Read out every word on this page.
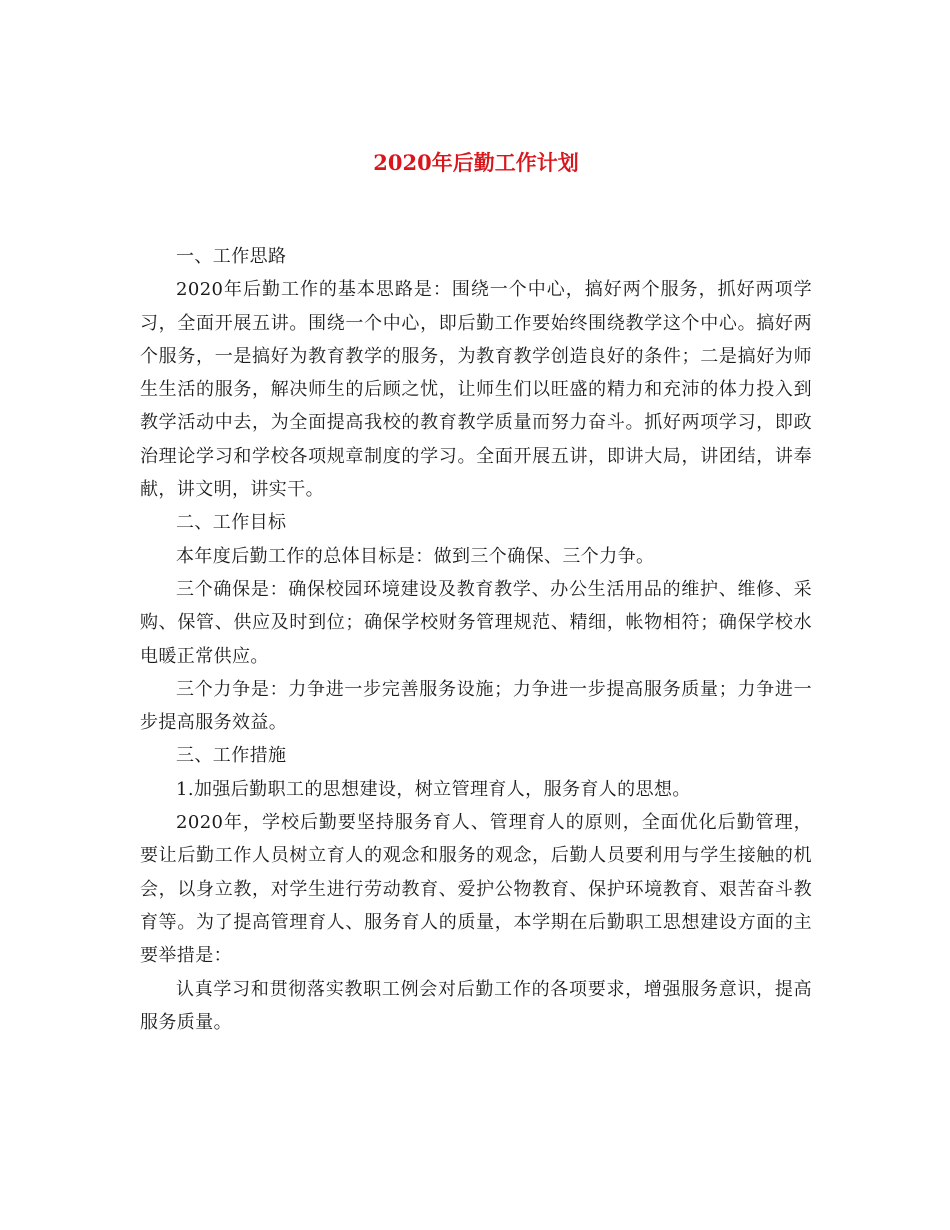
2020年后勤工作计划

一、工作思路

2020年后勤工作的基本思路是：围绕一个中心，搞好两个服务，抓好两项学习，全面开展五讲。围绕一个中心，即后勤工作要始终围绕教学这个中心。搞好两个服务，一是搞好为教育教学的服务，为教育教学创造良好的条件；二是搞好为师生生活的服务，解决师生的后顾之忧，让师生们以旺盛的精力和充沛的体力投入到教学活动中去，为全面提高我校的教育教学质量而努力奋斗。抓好两项学习，即政治理论学习和学校各项规章制度的学习。全面开展五讲，即讲大局，讲团结，讲奉献，讲文明，讲实干。

二、工作目标

本年度后勤工作的总体目标是：做到三个确保、三个力争。

三个确保是：确保校园环境建设及教育教学、办公生活用品的维护、维修、采购、保管、供应及时到位；确保学校财务管理规范、精细，帐物相符；确保学校水电暖正常供应。

三个力争是：力争进一步完善服务设施；力争进一步提高服务质量；力争进一步提高服务效益。

三、工作措施

1.加强后勤职工的思想建设，树立管理育人，服务育人的思想。

2020年，学校后勤要坚持服务育人、管理育人的原则，全面优化后勤管理，要让后勤工作人员树立育人的观念和服务的观念，后勤人员要利用与学生接触的机会，以身立教，对学生进行劳动教育、爱护公物教育、保护环境教育、艰苦奋斗教育等。为了提高管理育人、服务育人的质量，本学期在后勤职工思想建设方面的主要举措是：

认真学习和贯彻落实教职工例会对后勤工作的各项要求，增强服务意识，提高服务质量。
